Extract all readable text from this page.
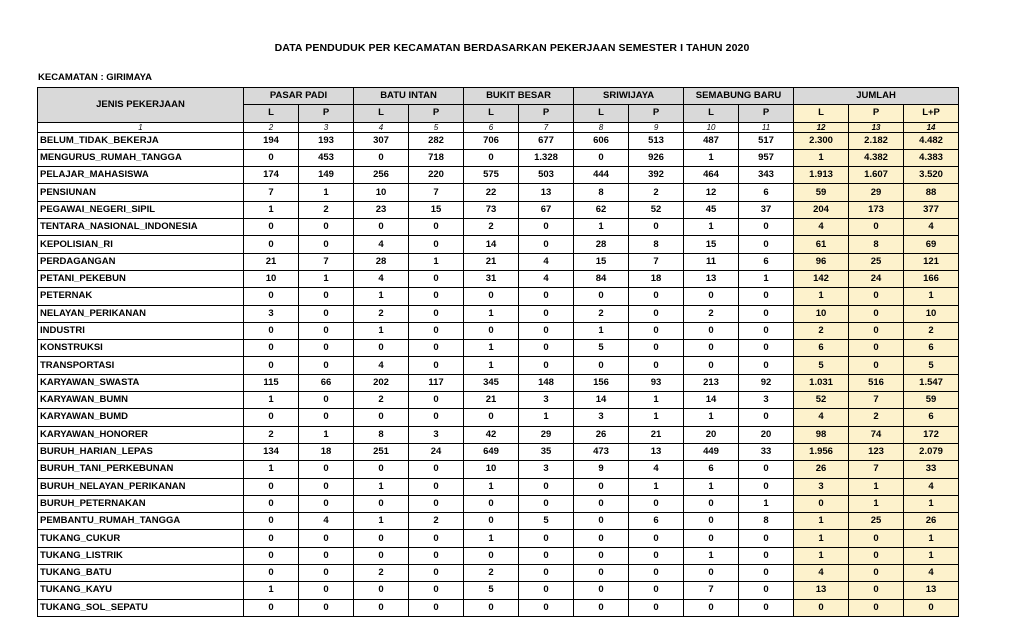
DATA PENDUDUK PER KECAMATAN BERDASARKAN PEKERJAAN SEMESTER I TAHUN 2020
KECAMATAN : GIRIMAYA
JENIS PEKERJAAN	PASAR PADI		BATU INTAN		BUKIT BESAR		SRIWIJAYA		SEMABUNG BARU		JUMLAH		
	L	P	L	P	L	P	L	P	L	P	L	P	L+P
1	2	3	4	5	6	7	8	9	10	11	12	13	14
BELUM_TIDAK_BEKERJA	194	193	307	282	706	677	606	513	487	517	2.300	2.182	4.482
MENGURUS_RUMAH_TANGGA	0	453	0	718	0	1.328	0	926	1	957	1	4.382	4.383
PELAJAR_MAHASISWA	174	149	256	220	575	503	444	392	464	343	1.913	1.607	3.520
PENSIUNAN	7	1	10	7	22	13	8	2	12	6	59	29	88
PEGAWAI_NEGERI_SIPIL	1	2	23	15	73	67	62	52	45	37	204	173	377
TENTARA_NASIONAL_INDONESIA	0	0	0	0	2	0	1	0	1	0	4	0	4
KEPOLISIAN_RI	0	0	4	0	14	0	28	8	15	0	61	8	69
PERDAGANGAN	21	7	28	1	21	4	15	7	11	6	96	25	121
PETANI_PEKEBUN	10	1	4	0	31	4	84	18	13	1	142	24	166
PETERNAK	0	0	1	0	0	0	0	0	0	0	1	0	1
NELAYAN_PERIKANAN	3	0	2	0	1	0	2	0	2	0	10	0	10
INDUSTRI	0	0	1	0	0	0	1	0	0	0	2	0	2
KONSTRUKSI	0	0	0	0	1	0	5	0	0	0	6	0	6
TRANSPORTASI	0	0	4	0	1	0	0	0	0	0	5	0	5
KARYAWAN_SWASTA	115	66	202	117	345	148	156	93	213	92	1.031	516	1.547
KARYAWAN_BUMN	1	0	2	0	21	3	14	1	14	3	52	7	59
KARYAWAN_BUMD	0	0	0	0	0	1	3	1	1	0	4	2	6
KARYAWAN_HONORER	2	1	8	3	42	29	26	21	20	20	98	74	172
BURUH_HARIAN_LEPAS	134	18	251	24	649	35	473	13	449	33	1.956	123	2.079
BURUH_TANI_PERKEBUNAN	1	0	0	0	10	3	9	4	6	0	26	7	33
BURUH_NELAYAN_PERIKANAN	0	0	1	0	1	0	0	1	1	0	3	1	4
BURUH_PETERNAKAN	0	0	0	0	0	0	0	0	0	1	0	1	1
PEMBANTU_RUMAH_TANGGA	0	4	1	2	0	5	0	6	0	8	1	25	26
TUKANG_CUKUR	0	0	0	0	1	0	0	0	0	0	1	0	1
TUKANG_LISTRIK	0	0	0	0	0	0	0	0	1	0	1	0	1
TUKANG_BATU	0	0	2	0	2	0	0	0	0	0	4	0	4
TUKANG_KAYU	1	0	0	0	5	0	0	0	7	0	13	0	13
TUKANG_SOL_SEPATU	0	0	0	0	0	0	0	0	0	0	0	0	0
